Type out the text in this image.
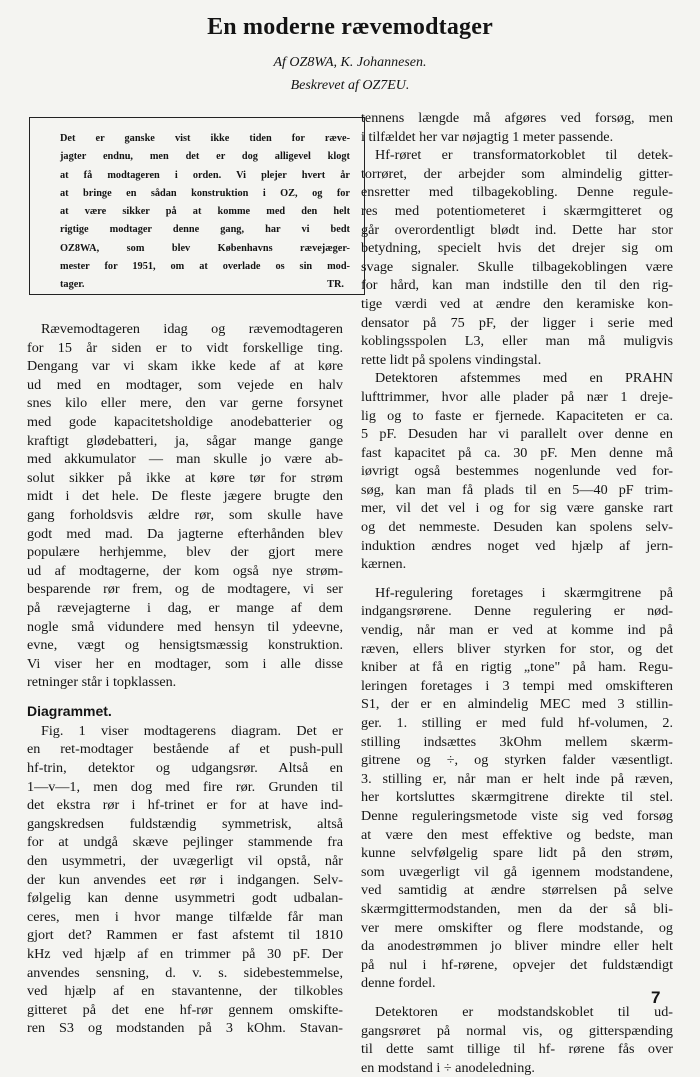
En moderne rævemodtager
Af OZ8WA, K. Johannesen.
Beskrevet af OZ7EU.
Det er ganske vist ikke tiden for ræve-
jagter endnu, men det er dog alligevel klogt
at få modtageren i orden. Vi plejer hvert år
at bringe en sådan konstruktion i OZ, og for
at være sikker på at komme med den helt
rigtige modtager denne gang, har vi bedt
OZ8WA, som blev Københavns rævejæger-
mester for 1951, om at overlade os sin mod-
tager.	TR.
Rævemodtageren idag og rævemodtageren
for 15 år siden er to vidt forskellige ting.
Dengang var vi skam ikke kede af at køre
ud med en modtager, som vejede en halv
snes kilo eller mere, den var gerne forsynet
med gode kapacitetsholdige anodebatterier og
kraftigt glødebatteri, ja, sågar mange gange
med akkumulator — man skulle jo være ab-
solut sikker på ikke at køre tør for strøm
midt i det hele. De fleste jægere brugte den
gang forholdsvis ældre rør, som skulle have
godt med mad. Da jagterne efterhånden blev
populære herhjemme, blev der gjort mere
ud af modtagerne, der kom også nye strøm-
besparende rør frem, og de modtagere, vi ser
på rævejagterne i dag, er mange af dem
nogle små vidundere med hensyn til ydeevne,
evne, vægt og hensigtsmæssig konstruktion.
Vi viser her en modtager, som i alle disse
retninger står i topklassen.
Diagrammet.
Fig. 1 viser modtagerens diagram. Det er
en ret-modtager bestående af et push-pull
hf-trin, detektor og udgangsrør. Altså en
1—v—1, men dog med fire rør. Grunden til
det ekstra rør i hf-trinet er for at have ind-
gangskredsen fuldstændig symmetrisk, altså
for at undgå skæve pejlinger stammende fra
den usymmetri, der uvægerligt vil opstå, når
der kun anvendes eet rør i indgangen. Selv-
følgelig kan denne usymmetri godt udbalan-
ceres, men i hvor mange tilfælde får man
gjort det? Rammen er fast afstemt til 1810
kHz ved hjælp af en trimmer på 30 pF. Der
anvendes sensning, d. v. s. sidebestemmelse,
ved hjælp af en stavantenne, der tilkobles
gitteret på det ene hf-rør gennem omskifte-
ren S3 og modstanden på 3 kOhm. Stavan-
tennens længde må afgøres ved forsøg, men
i tilfældet her var nøjagtig 1 meter passende.
Hf-røret er transformatorkoblet til detek-
torrøret, der arbejder som almindelig gitter-
ensretter med tilbagekobling. Denne regule-
res med potentiometeret i skærmgitteret og
går overordentligt blødt ind. Dette har stor
betydning, specielt hvis det drejer sig om
svage signaler. Skulle tilbagekoblingen være
for hård, kan man indstille den til den rig-
tige værdi ved at ændre den keramiske kon-
densator på 75 pF, der ligger i serie med
koblingsspolen L3, eller man må muligvis
rette lidt på spolens vindingstal.
Detektoren afstemmes med en PRAHN
lufttrimmer, hvor alle plader på nær 1 dreje-
lig og to faste er fjernede. Kapaciteten er ca.
5 pF. Desuden har vi parallelt over denne en
fast kapacitet på ca. 30 pF. Men denne må
iøvrigt også bestemmes nogenlunde ved for-
søg, kan man få plads til en 5—40 pF trim-
mer, vil det vel i og for sig være ganske rart
og det nemmeste. Desuden kan spolens selv-
induktion ændres noget ved hjælp af jern-
kærnen.
Hf-regulering foretages i skærmgitrene på
indgangsrørene. Denne regulering er nød-
vendig, når man er ved at komme ind på
ræven, ellers bliver styrken for stor, og det
kniber at få en rigtig „tone" på ham. Regu-
leringen foretages i 3 tempi med omskifteren
S1, der er en almindelig MEC med 3 stillin-
ger. 1. stilling er med fuld hf-volumen, 2.
stilling indsættes 3kOhm mellem skærm-
gitrene og ÷, og styrken falder væsentligt.
3. stilling er, når man er helt inde på ræven,
her kortsluttes skærmgitrene direkte til stel.
Denne reguleringsmetode viste sig ved forsøg
at være den mest effektive og bedste, man
kunne selvfølgelig spare lidt på den strøm,
som uvægerligt vil gå igennem modstandene,
ved samtidig at ændre størrelsen på selve
skærmgittermodstanden, men da der så bli-
ver mere omskifter og flere modstande, og
da anodestrømmen jo bliver mindre eller helt
på nul i hf-rørene, opvejer det fuldstændigt
denne fordel.
Detektoren er modstandskoblet til ud-
gangsrøret på normal vis, og gitterspænding
til dette samt tillige til hf- rørene fås over
en modstand i ÷ anodeledning.
7
